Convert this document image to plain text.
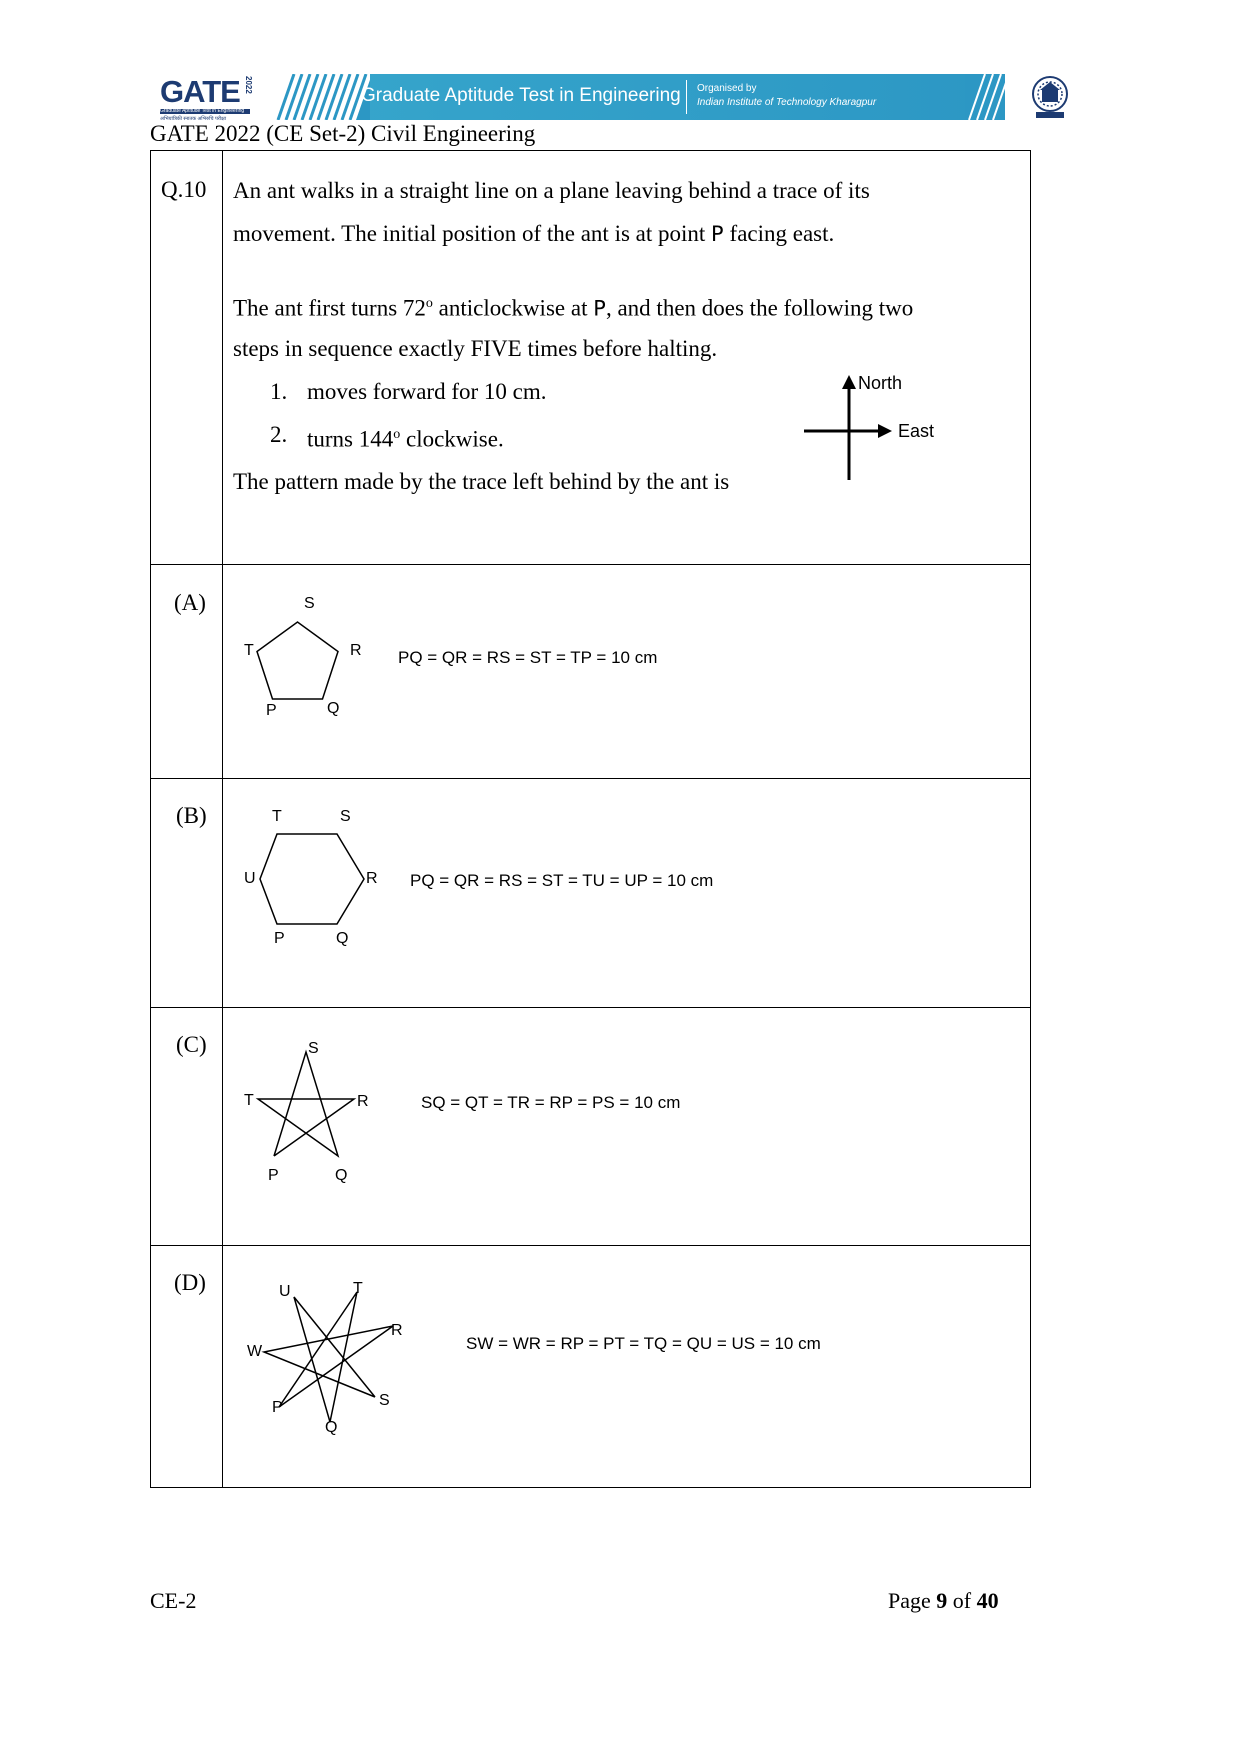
GATE 2022
Graduate Aptitude Test in Engineering
अभियांत्रिकी स्नातक अभिरुचि परीक्षा
Graduate Aptitude Test in Engineering Organised by
Indian Institute of Technology Kharagpur
GATE 2022 (CE Set-2) Civil Engineering
Q.10 An ant walks in a straight line on a plane leaving behind a trace of its
movement. The initial position of the ant is at point P facing east.
The ant first turns 72$^o$ anticlockwise at P, and then does the following two
steps in sequence exactly FIVE times before halting.
1. moves forward for 10 cm.
2. turns 144$^o$ clockwise.
The pattern made by the trace left behind by the ant is
North
East
(A)	S
T	R
P	Q
PQ = QR = RS = ST = TP = 10 cm
(B)	T	S
U	R
P	Q
PQ = QR = RS = ST = TU = UP = 10 cm
(C)	S
T	R
P	Q
SQ = QT = TR = RP = PS = 10 cm
(D)	U	T
R
W
S
P
Q
SW = WR = RP = PT = TQ = QU = US = 10 cm
CE-2	Page 9 of 40
